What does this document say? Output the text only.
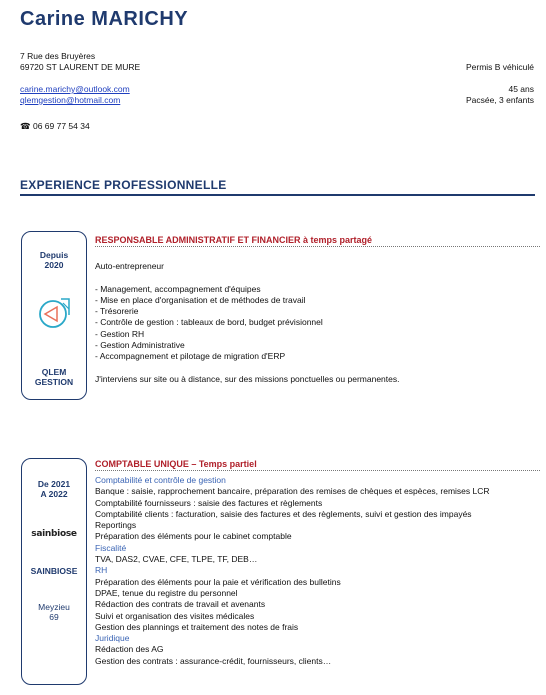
Carine MARICHY
7 Rue des Bruyères
69720 ST LAURENT DE MURE
carine.marichy@outlook.com
qlemgestion@hotmail.com
☎ 06 69 77 54 34
Permis B véhiculé
45 ans
Pacsée, 3 enfants
EXPERIENCE PROFESSIONNELLE
Depuis
2020
QLEM
GESTION
RESPONSABLE ADMINISTRATIF ET FINANCIER à temps partagé
Auto-entrepreneur
- Management, accompagnement d'équipes
- Mise en place d'organisation et de méthodes de travail
- Trésorerie
- Contrôle de gestion : tableaux de bord, budget prévisionnel
- Gestion RH
- Gestion Administrative
- Accompagnement et pilotage de migration d'ERP
J'interviens sur site ou à distance, sur des missions ponctuelles ou permanentes.
De 2021
A 2022
sainbiose
SAINBIOSE
Meyzieu
69
COMPTABLE UNIQUE – Temps partiel
Comptabilité et contrôle de gestion
Banque : saisie, rapprochement bancaire, préparation des remises de chèques et espèces, remises LCR
Comptabilité fournisseurs : saisie des factures et règlements
Comptabilité clients : facturation, saisie des factures et des règlements, suivi et gestion des impayés
Reportings
Préparation des éléments pour le cabinet comptable
Fiscalité
TVA, DAS2, CVAE, CFE, TLPE, TF, DEB…
RH
Préparation des éléments pour la paie et vérification des bulletins
DPAE, tenue du registre du personnel
Rédaction des contrats de travail et avenants
Suivi et organisation des visites médicales
Gestion des plannings et traitement des notes de frais
Juridique
Rédaction des AG
Gestion des contrats : assurance-crédit, fournisseurs, clients…
